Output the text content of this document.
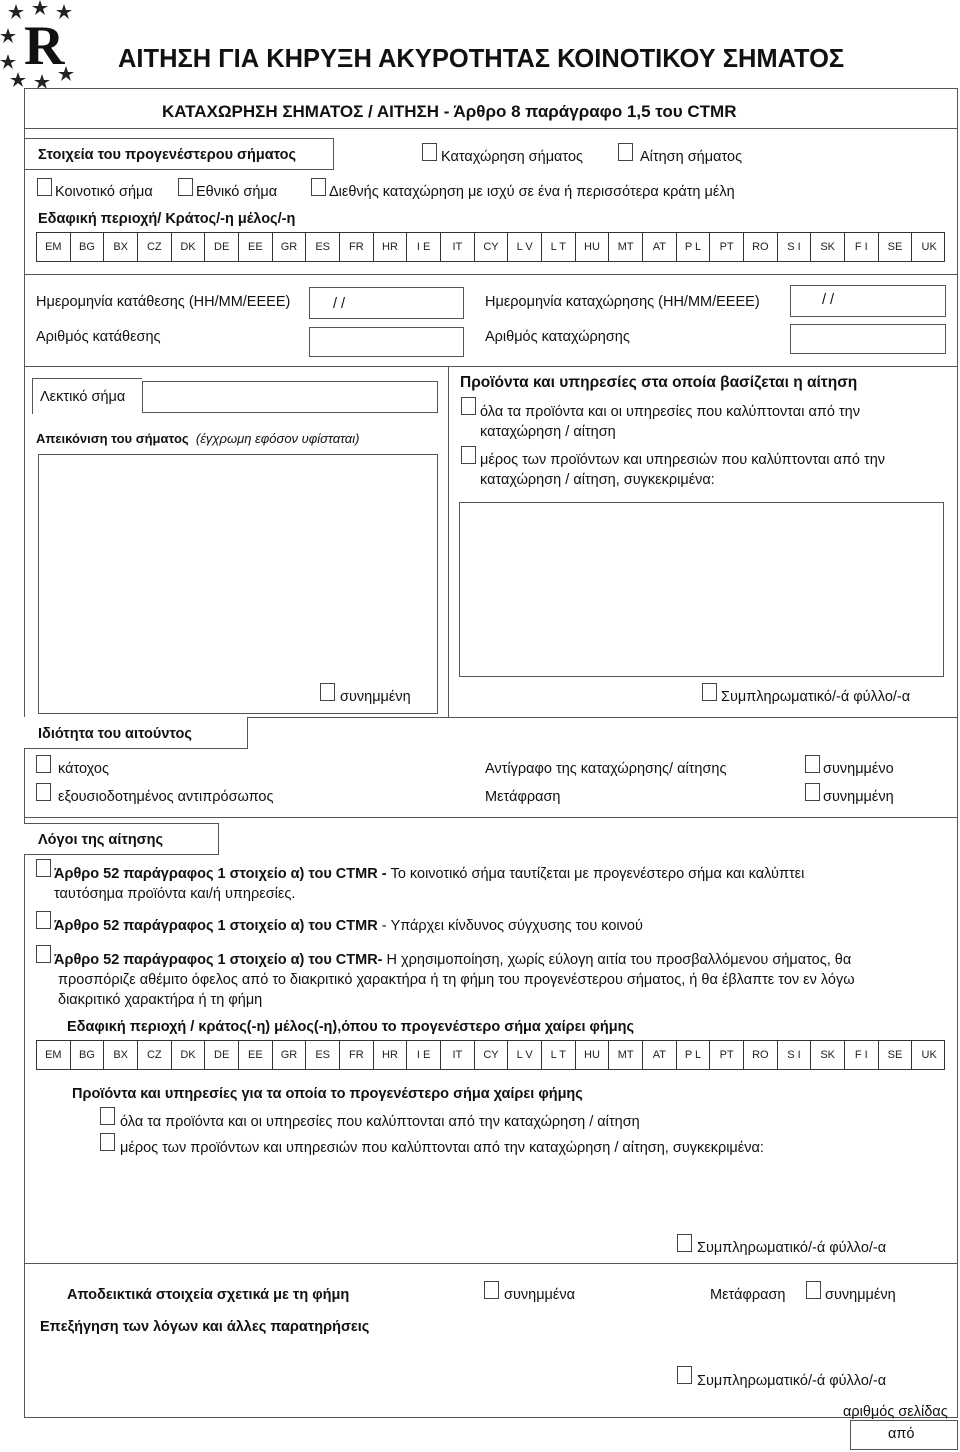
R ΑΙΤΗΣΗ ΓΙΑ ΚΗΡΥΞΗ ΑΚΥΡΟΤΗΤΑΣ ΚΟΙΝΟΤΙΚΟΥ ΣΗΜΑΤΟΣ
ΚΑΤΑΧΩΡΗΣΗ ΣΗΜΑΤΟΣ / ΑΙΤΗΣΗ - Άρθρο 8 παράγραφο 1,5 του CTMR
Στοιχεία του προγενέστερου σήματος	Καταχώρηση σήματος	Αίτηση σήματος
Κοινοτικό σήμα	Εθνικό σήμα	Διεθνής καταχώρηση με ισχύ σε ένα ή περισσότερα κράτη μέλη
Εδαφική περιοχή/ Κράτος/-η μέλος/-η
EM	BG	BX	CZ	DK	DE	EE	GR	ES	FR	HR	I E	IT	CY	L V	L T	HU	MT	AT	P L	PT	RO	S I	SK	F I	SE	UK
Ημερομηνία κατάθεσης (ΗΗ/ΜΜ/ΕΕΕΕ)	/ /	Ημερομηνία καταχώρησης (ΗΗ/ΜΜ/ΕΕΕΕ)	/ /
Αριθμός κατάθεσης	Αριθμός καταχώρησης
Λεκτικό σήμα
Απεικόνιση του σήματος (έγχρωμη εφόσον υφίσταται)
Προϊόντα και υπηρεσίες στα οποία βασίζεται η αίτηση
όλα τα προϊόντα και οι υπηρεσίες που καλύπτονται από την
καταχώρηση / αίτηση
μέρος των προϊόντων και υπηρεσιών που καλύπτονται από την
καταχώρηση / αίτηση, συγκεκριμένα:
συνημμένη	Συμπληρωματικό/-ά φύλλο/-α
Ιδιότητα του αιτούντος
κάτοχος
εξουσιοδοτημένος αντιπρόσωπος
Αντίγραφο της καταχώρησης/ αίτησης	συνημμένο
Μετάφραση	συνημμένη
Λόγοι της αίτησης
Άρθρο 52 παράγραφος 1 στοιχείο α) του CTMR - Το κοινοτικό σήμα ταυτίζεται με προγενέστερο σήμα και καλύπτει
ταυτόσημα προϊόντα και/ή υπηρεσίες.
Άρθρο 52 παράγραφος 1 στοιχείο α) του CTMR - Υπάρχει κίνδυνος σύγχυσης του κοινού
Άρθρο 52 παράγραφος 1 στοιχείο α) του CTMR- Η χρησιμοποίηση, χωρίς εύλογη αιτία του προσβαλλόμενου σήματος, θα
προσπόριζε αθέμιτο όφελος από το διακριτικό χαρακτήρα ή τη φήμη του προγενέστερου σήματος, ή θα έβλαπτε τον εν λόγω
διακριτικό χαρακτήρα ή τη φήμη
Εδαφική περιοχή / κράτος(-η) μέλος(-η),όπου το προγενέστερο σήμα χαίρει φήμης
EM	BG	BX	CZ	DK	DE	EE	GR	ES	FR	HR	I E	IT	CY	L V	L T	HU	MT	AT	P L	PT	RO	S I	SK	F I	SE	UK
Προϊόντα και υπηρεσίες για τα οποία το προγενέστερο σήμα χαίρει φήμης
όλα τα προϊόντα και οι υπηρεσίες που καλύπτονται από την καταχώρηση / αίτηση
μέρος των προϊόντων και υπηρεσιών που καλύπτονται από την καταχώρηση / αίτηση, συγκεκριμένα:
Συμπληρωματικό/-ά φύλλο/-α
Αποδεικτικά στοιχεία σχετικά με τη φήμη	συνημμένα	Μετάφραση	συνημμένη
Επεξήγηση των λόγων και άλλες παρατηρήσεις
Συμπληρωματικό/-ά φύλλο/-α
αριθμός σελίδας
από
